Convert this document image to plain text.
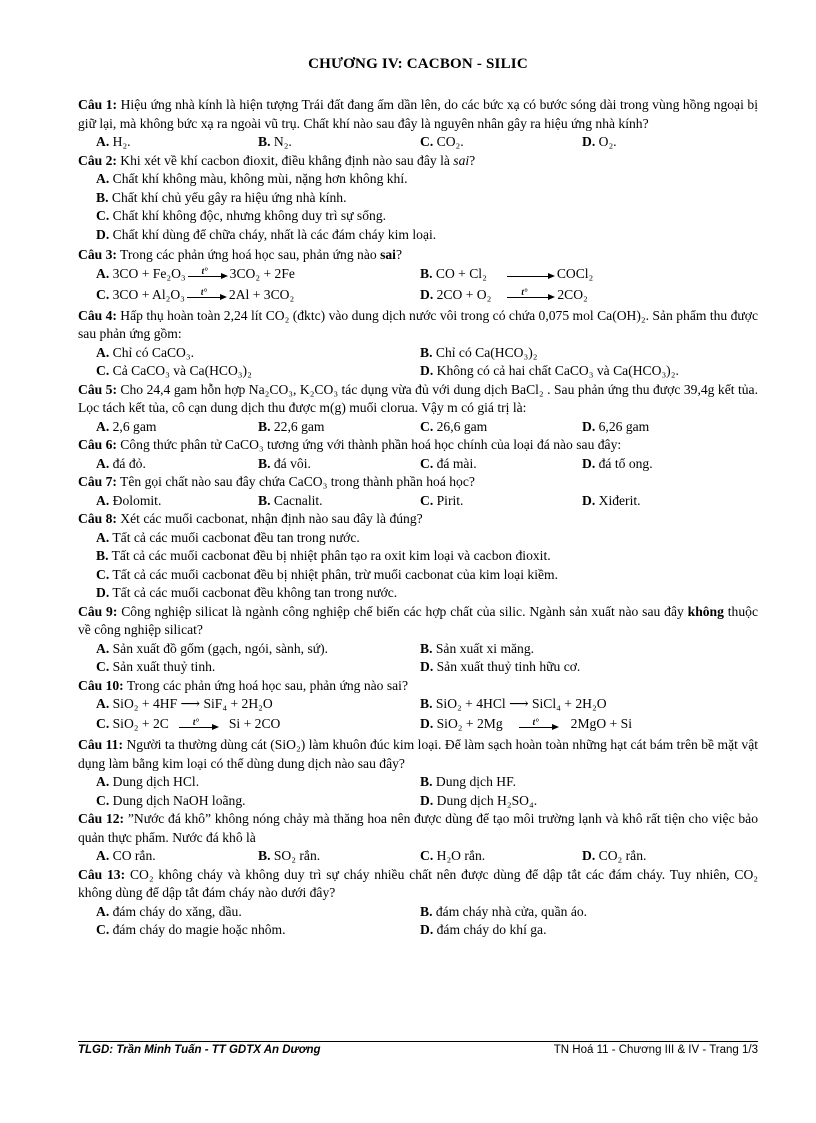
CHƯƠNG IV: CACBON - SILIC

Câu 1: Hiệu ứng nhà kính là hiện tượng Trái đất đang ấm dần lên, do các bức xạ có bước sóng dài trong vùng hồng ngoại bị giữ lại, mà không bức xạ ra ngoài vũ trụ. Chất khí nào sau đây là nguyên nhân gây ra hiệu ứng nhà kính?

A. H₂.	B. N₂.	C. CO₂.	D. O₂.

Câu 2: Khi xét về khí cacbon đioxit, điều khẳng định nào sau đây là sai?

A. Chất khí không màu, không mùi, nặng hơn không khí.
B. Chất khí chủ yếu gây ra hiệu ứng nhà kính.
C. Chất khí không độc, nhưng không duy trì sự sống.
D. Chất khí dùng để chữa cháy, nhất là các đám cháy kim loại.

Câu 3: Trong các phản ứng hoá học sau, phản ứng nào sai?

A. 3CO + Fe₂O₃ t° 3CO₂ + 2Fe	B. CO + Cl₂	COCl₂
C. 3CO + Al₂O₃ t° 2Al + 3CO₂	D. 2CO + O₂	t° 2CO₂

Câu 4: Hấp thụ hoàn toàn 2,24 lít CO₂ (đktc) vào dung dịch nước vôi trong có chứa 0,075 mol Ca(OH)₂. Sản phẩm thu được sau phản ứng gồm:

A. Chỉ có CaCO₃.	B. Chỉ có Ca(HCO₃)₂
C. Cả CaCO₃ và Ca(HCO₃)₂	D. Không có cả hai chất CaCO₃ và Ca(HCO₃)₂.

Câu 5: Cho 24,4 gam hỗn hợp Na₂CO₃, K₂CO₃ tác dụng vừa đủ với dung dịch BaCl₂ . Sau phản ứng thu được 39,4g kết tủa. Lọc tách kết tủa, cô cạn dung dịch thu được m(g) muối clorua. Vậy m có giá trị là:

A. 2,6 gam	B. 22,6 gam	C. 26,6 gam	D. 6,26 gam

Câu 6: Công thức phân tử CaCO₃ tương ứng với thành phần hoá học chính của loại đá nào sau đây:

A. đá đỏ.	B. đá vôi.	C. đá mài.	D. đá tổ ong.

Câu 7: Tên gọi chất nào sau đây chứa CaCO₃ trong thành phần hoá học?

A. Đolomit.	B. Cacnalit.	C. Pirit.	D. Xiđerit.

Câu 8: Xét các muối cacbonat, nhận định nào sau đây là đúng?

A. Tất cả các muối cacbonat đều tan trong nước.
B. Tất cả các muối cacbonat đều bị nhiệt phân tạo ra oxit kim loại và cacbon đioxit.
C. Tất cả các muối cacbonat đều bị nhiệt phân, trừ muối cacbonat của kim loại kiềm.
D. Tất cả các muối cacbonat đều không tan trong nước.

Câu 9: Công nghiệp silicat là ngành công nghiệp chế biến các hợp chất của silic. Ngành sản xuất nào sau đây không thuộc về công nghiệp silicat?

A. Sản xuất đồ gốm (gạch, ngói, sành, sứ).	B. Sản xuất xi măng.
C. Sản xuất thuỷ tinh.	D. Sản xuất thuỷ tinh hữu cơ.

Câu 10: Trong các phản ứng hoá học sau, phản ứng nào sai?

A. SiO₂ + 4HF ⟶ SiF₄ + 2H₂O	B. SiO₂ + 4HCl ⟶ SiCl₄ + 2H₂O
C. SiO₂ + 2C	t° Si + 2CO	D. SiO₂ + 2Mg	t° 2MgO + Si

Câu 11: Người ta thường dùng cát (SiO₂) làm khuôn đúc kim loại. Để làm sạch hoàn toàn những hạt cát bám trên bề mặt vật dụng làm bằng kim loại có thể dùng dung dịch nào sau đây?

A. Dung dịch HCl.	B. Dung dịch HF.
C. Dung dịch NaOH loãng.	D. Dung dịch H₂SO₄.

Câu 12: ”Nước đá khô” không nóng chảy mà thăng hoa nên được dùng để tạo môi trường lạnh và khô rất tiện cho việc bảo quản thực phẩm. Nước đá khô là

A. CO rắn.	B. SO₂ rắn.	C. H₂O rắn.	D. CO₂ rắn.

Câu 13: CO₂ không cháy và không duy trì sự cháy nhiều chất nên được dùng để dập tắt các đám cháy. Tuy nhiên, CO₂ không dùng để dập tắt đám cháy nào dưới đây?

A. đám cháy do xăng, dầu.	B. đám cháy nhà cửa, quần áo.
C. đám cháy do magie hoặc nhôm.	D. đám cháy do khí ga.
TLGD: Trần Minh Tuấn - TT GDTX An Dương	TN Hoá 11 - Chương III & IV - Trang 1/3
